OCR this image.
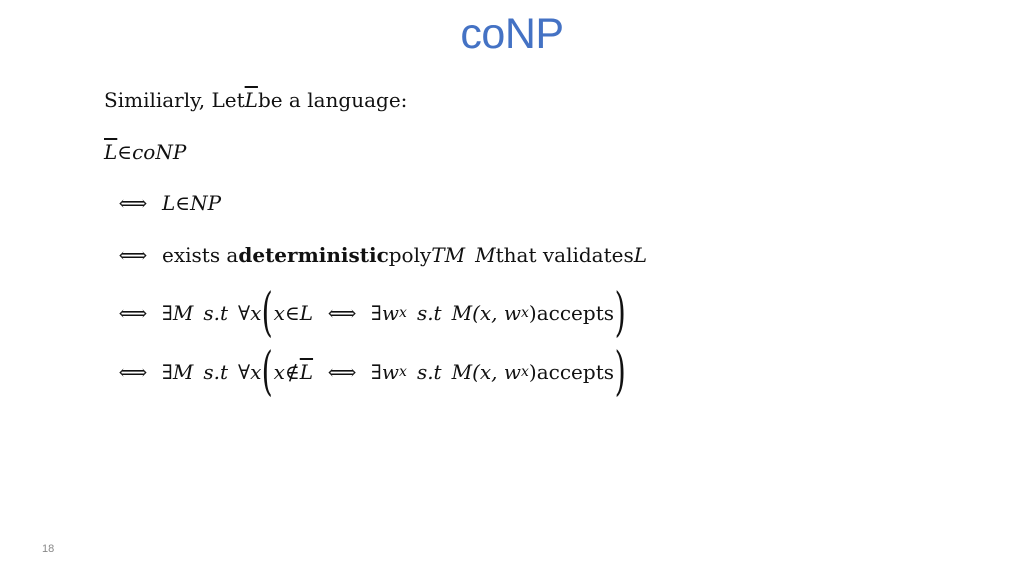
coNP
Similiarly, Let $\overline{L}$ be a language:
$\overline{L}$ ∈ coNP
⟺ L ∈ NP
⟺ exists a deterministic poly TM M that validates L
⟺ ∃ M s.t ∀ x ( x ∈ L ⟺ ∃ w x s.t M(x, w x ) accepts )
⟺ ∃ M s.t ∀ x ( x ∉ $\overline{L}$ ⟺ ∃ w x s.t M(x, w x ) accepts )
18
